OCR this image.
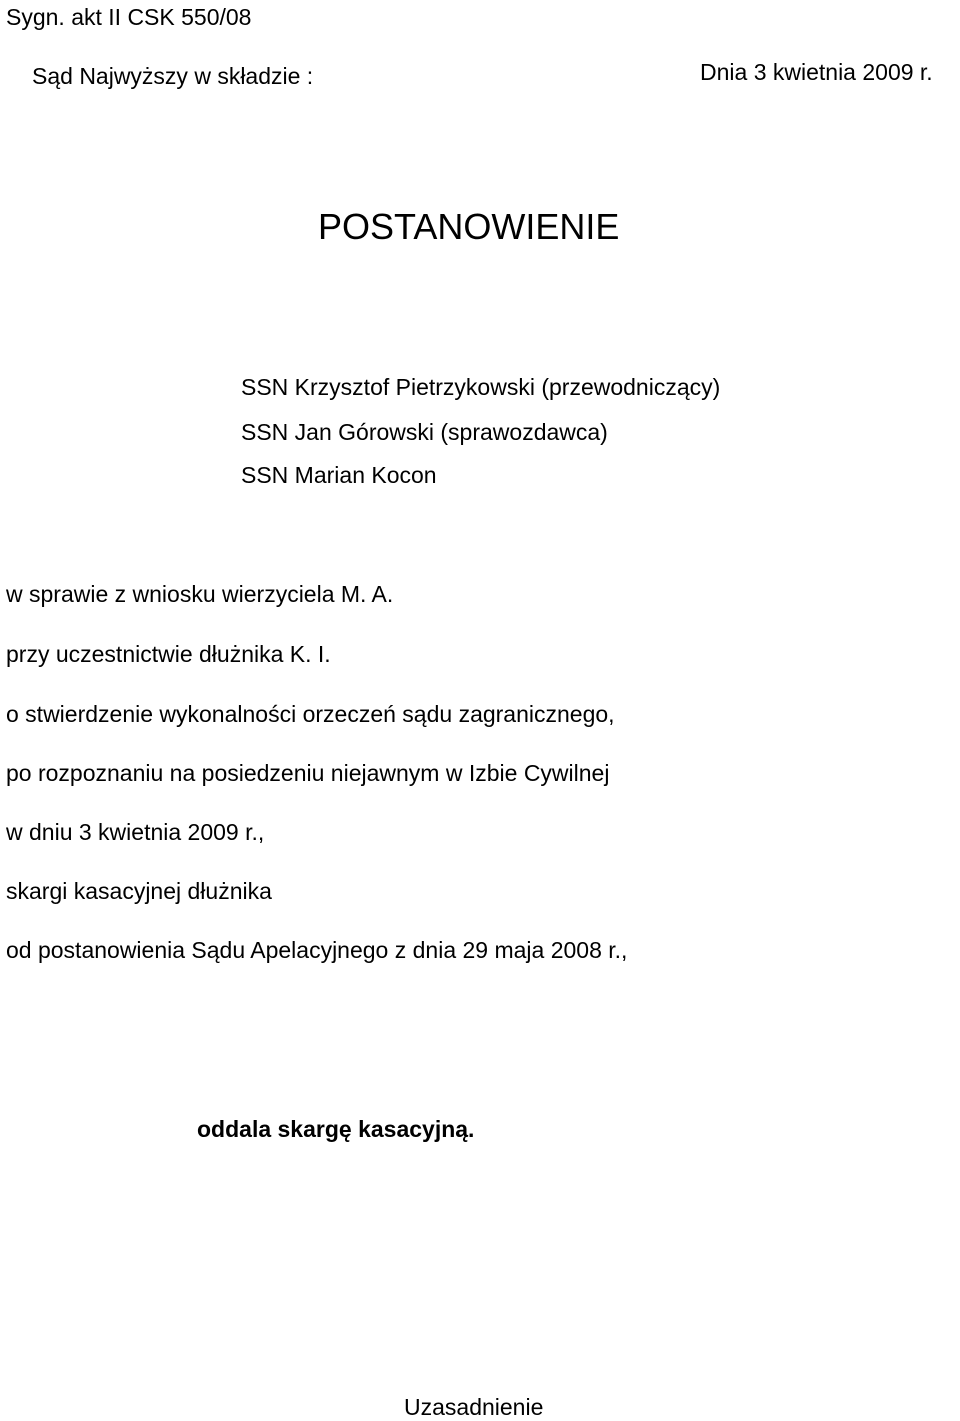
Sygn. akt II CSK 550/08
POSTANOWIENIE
Dnia 3 kwietnia 2009 r.
Sąd Najwyższy w składzie :
SSN Krzysztof Pietrzykowski (przewodniczący)
SSN Jan Górowski (sprawozdawca)
SSN Marian Kocon
w sprawie z wniosku wierzyciela M. A.
przy uczestnictwie dłużnika K. I.
o stwierdzenie wykonalności orzeczeń sądu zagranicznego,
po rozpoznaniu na posiedzeniu niejawnym w Izbie Cywilnej
w dniu 3 kwietnia 2009 r.,
skargi kasacyjnej dłużnika
od postanowienia Sądu Apelacyjnego z dnia 29 maja 2008 r.,
oddala skargę kasacyjną.
Uzasadnienie
